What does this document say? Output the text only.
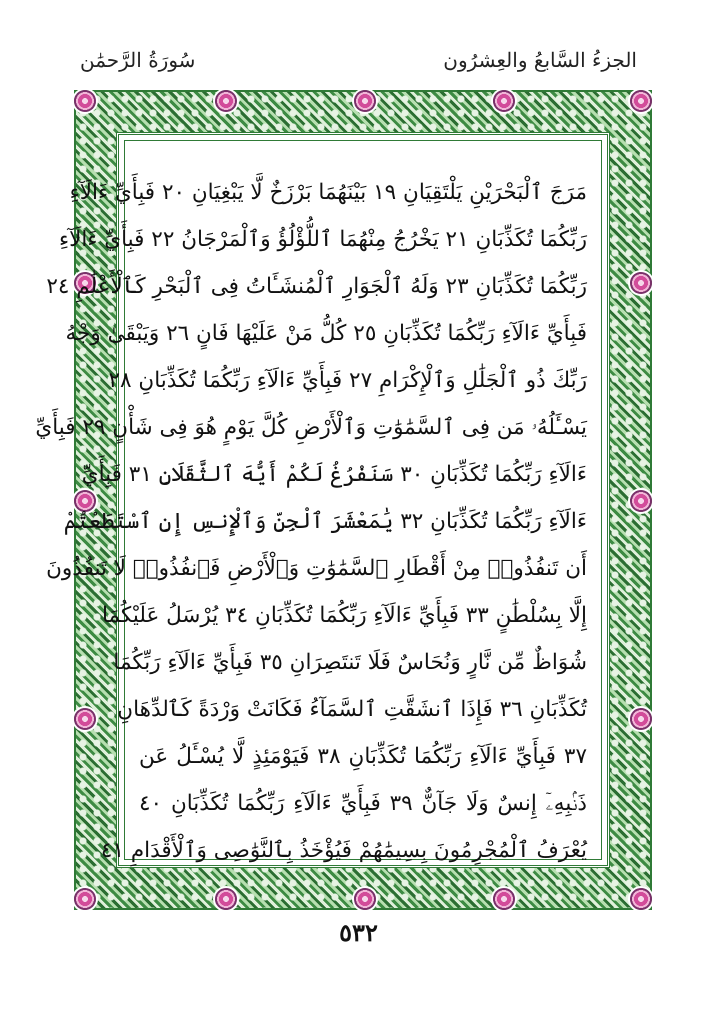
الجزءُ السَّابعُ والعِشرُون
سُورَةُ الرَّحمَٰن
مَرَجَ ٱلْبَحْرَيْنِ يَلْتَقِيَانِ ١٩ بَيْنَهُمَا بَرْزَخٌ لَّا يَبْغِيَانِ ٢٠ فَبِأَيِّ ءَالَآءِ
رَبِّكُمَا تُكَذِّبَانِ ٢١ يَخْرُجُ مِنْهُمَا ٱللُّؤْلُؤُ وَٱلْمَرْجَانُ ٢٢ فَبِأَيِّ ءَالَآءِ
رَبِّكُمَا تُكَذِّبَانِ ٢٣ وَلَهُ ٱلْجَوَارِ ٱلْمُنشَـَٔاتُ فِى ٱلْبَحْرِ كَٱلْأَعْلَٰمِ ٢٤
فَبِأَيِّ ءَالَآءِ رَبِّكُمَا تُكَذِّبَانِ ٢٥ كُلُّ مَنْ عَلَيْهَا فَانٍ ٢٦ وَيَبْقَىٰ وَجْهُ
رَبِّكَ ذُو ٱلْجَلَٰلِ وَٱلْإِكْرَامِ ٢٧ فَبِأَيِّ ءَالَآءِ رَبِّكُمَا تُكَذِّبَانِ ٢٨
يَسْـَٔلُهُۥ مَن فِى ٱلسَّمَٰوَٰتِ وَٱلْأَرْضِ كُلَّ يَوْمٍ هُوَ فِى شَأْنٍ ٢٩ فَبِأَيِّ
ءَالَآءِ رَبِّكُمَا تُكَذِّبَانِ ٣٠ سَنَفْرُغُ لَكُمْ أَيُّهَ ٱلثَّقَلَانِ ٣١ فَبِأَيِّ
ءَالَآءِ رَبِّكُمَا تُكَذِّبَانِ ٣٢ يَٰمَعْشَرَ ٱلْجِنِّ وَٱلْإِنسِ إِنِ ٱسْتَطَعْتُمْ
أَن تَنفُذُوا۟ مِنْ أَقْطَارِ ٱلسَّمَٰوَٰتِ وَٱلْأَرْضِ فَٱنفُذُوا۟ لَا تَنفُذُونَ
إِلَّا بِسُلْطَٰنٍ ٣٣ فَبِأَيِّ ءَالَآءِ رَبِّكُمَا تُكَذِّبَانِ ٣٤ يُرْسَلُ عَلَيْكُمَا
شُوَاظٌ مِّن نَّارٍ وَنُحَاسٌ فَلَا تَنتَصِرَانِ ٣٥ فَبِأَيِّ ءَالَآءِ رَبِّكُمَا
تُكَذِّبَانِ ٣٦ فَإِذَا ٱنشَقَّتِ ٱلسَّمَآءُ فَكَانَتْ وَرْدَةً كَٱلدِّهَانِ
٣٧ فَبِأَيِّ ءَالَآءِ رَبِّكُمَا تُكَذِّبَانِ ٣٨ فَيَوْمَئِذٍ لَّا يُسْـَٔلُ عَن
ذَنۢبِهِۦٓ إِنسٌ وَلَا جَآنٌّ ٣٩ فَبِأَيِّ ءَالَآءِ رَبِّكُمَا تُكَذِّبَانِ ٤٠
يُعْرَفُ ٱلْمُجْرِمُونَ بِسِيمَٰهُمْ فَيُؤْخَذُ بِٱلنَّوَٰصِى وَٱلْأَقْدَامِ ٤١
٥٣٢
